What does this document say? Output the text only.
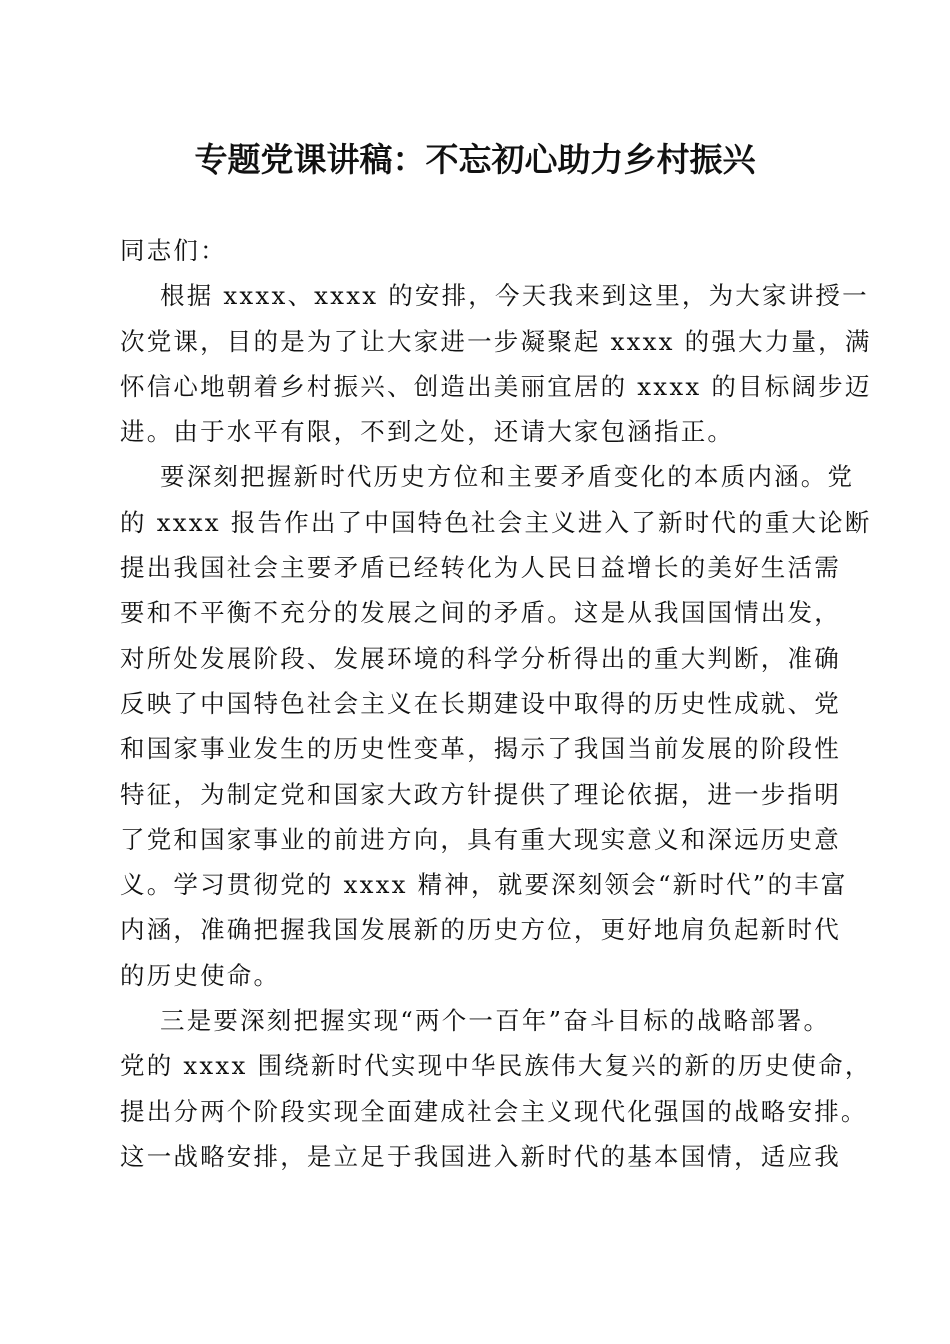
专题党课讲稿：不忘初心助力乡村振兴
同志们：
根据 xxxx、xxxx 的安排，今天我来到这里，为大家讲授一
次党课，目的是为了让大家进一步凝聚起 xxxx 的强大力量，满
怀信心地朝着乡村振兴、创造出美丽宜居的 xxxx 的目标阔步迈
进。由于水平有限，不到之处，还请大家包涵指正。
要深刻把握新时代历史方位和主要矛盾变化的本质内涵。党
的 xxxx 报告作出了中国特色社会主义进入了新时代的重大论断
提出我国社会主要矛盾已经转化为人民日益增长的美好生活需
要和不平衡不充分的发展之间的矛盾。这是从我国国情出发，
对所处发展阶段、发展环境的科学分析得出的重大判断，准确
反映了中国特色社会主义在长期建设中取得的历史性成就、党
和国家事业发生的历史性变革，揭示了我国当前发展的阶段性
特征，为制定党和国家大政方针提供了理论依据，进一步指明
了党和国家事业的前进方向，具有重大现实意义和深远历史意
义。学习贯彻党的 xxxx 精神，就要深刻领会“新时代”的丰富
内涵，准确把握我国发展新的历史方位，更好地肩负起新时代
的历史使命。
三是要深刻把握实现“两个一百年”奋斗目标的战略部署。
党的 xxxx 围绕新时代实现中华民族伟大复兴的新的历史使命，
提出分两个阶段实现全面建成社会主义现代化强国的战略安排。
这一战略安排，是立足于我国进入新时代的基本国情，适应我
